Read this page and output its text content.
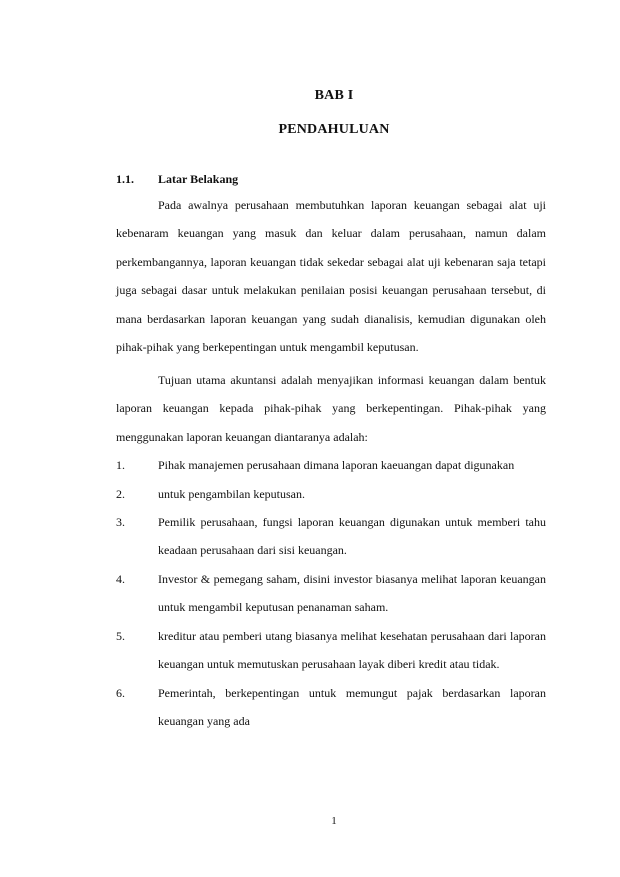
BAB I
PENDAHULUAN
1.1. Latar Belakang

Pada awalnya perusahaan membutuhkan laporan keuangan sebagai alat uji kebenaram keuangan yang masuk dan keluar dalam perusahaan, namun dalam perkembangannya, laporan keuangan tidak sekedar sebagai alat uji kebenaran saja tetapi juga sebagai dasar untuk melakukan penilaian posisi keuangan perusahaan tersebut, di mana berdasarkan laporan keuangan yang sudah dianalisis, kemudian digunakan oleh pihak-pihak yang berkepentingan untuk mengambil keputusan.

Tujuan utama akuntansi adalah menyajikan informasi keuangan dalam bentuk laporan keuangan kepada pihak-pihak yang berkepentingan. Pihak-pihak yang menggunakan laporan keuangan diantaranya adalah:

1.	Pihak manajemen perusahaan dimana laporan kaeuangan dapat digunakan
2.	untuk pengambilan keputusan.
3.	Pemilik perusahaan, fungsi laporan keuangan digunakan untuk memberi tahu keadaan perusahaan dari sisi keuangan.
4.	Investor & pemegang saham, disini investor biasanya melihat laporan keuangan untuk mengambil keputusan penanaman saham.
5.	kreditur atau pemberi utang biasanya melihat kesehatan perusahaan dari laporan keuangan untuk memutuskan perusahaan layak diberi kredit atau tidak.
6.	Pemerintah, berkepentingan untuk memungut pajak berdasarkan laporan keuangan yang ada
1
